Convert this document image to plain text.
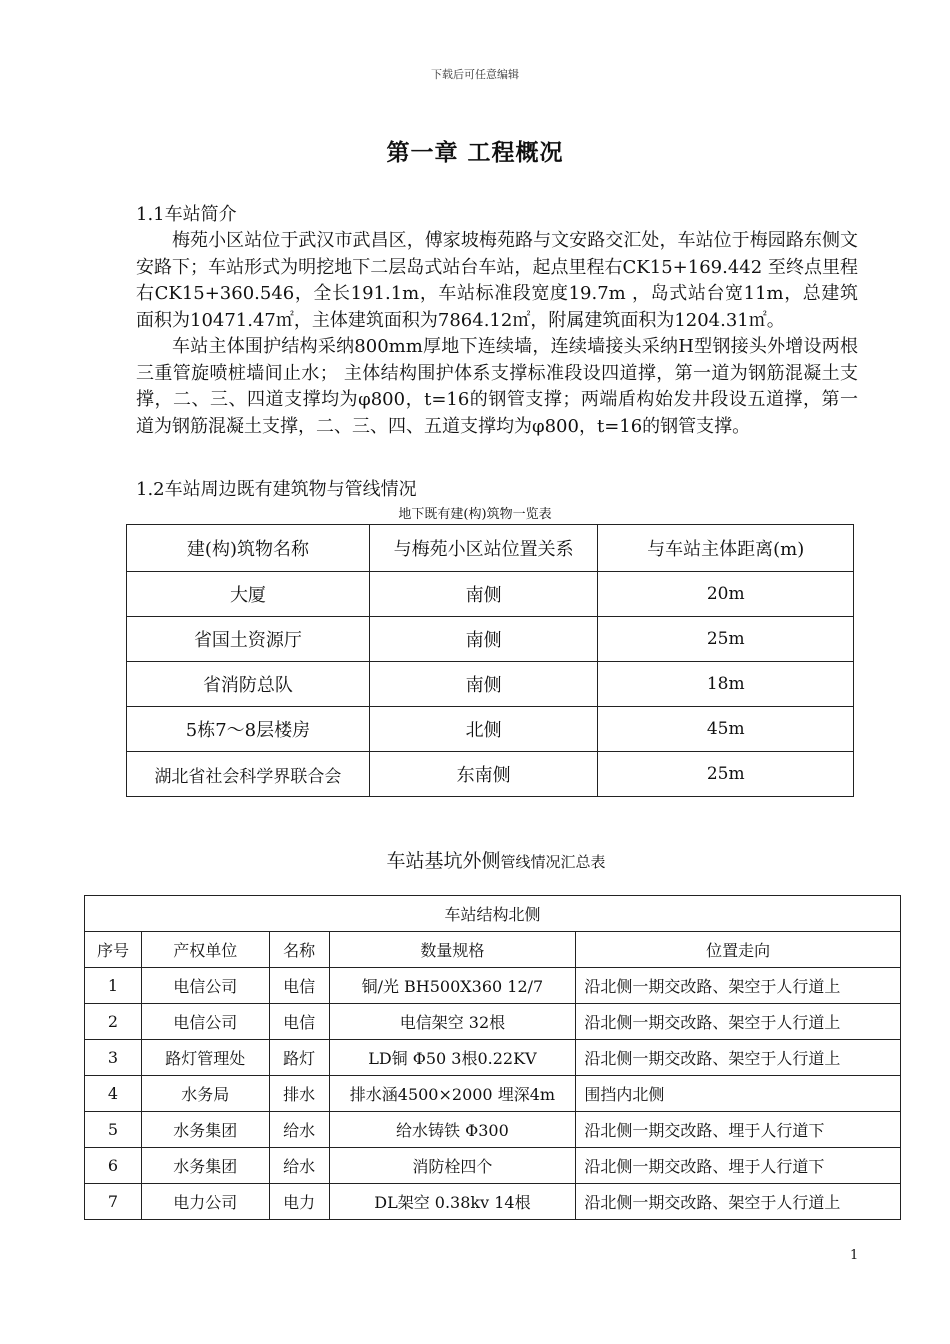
下载后可任意编辑
第一章 工程概况
1.1车站简介

梅苑小区站位于武汉市武昌区，傅家坡梅苑路与文安路交汇处，车站位于梅园路东侧文安路下；车站形式为明挖地下二层岛式站台车站，起点里程右CK15+169.442 至终点里程右CK15+360.546，全长191.1m，车站标准段宽度19.7m ，岛式站台宽11m，总建筑面积为10471.47㎡，主体建筑面积为7864.12㎡，附属建筑面积为1204.31㎡。

车站主体围护结构采纳800mm厚地下连续墙，连续墙接头采纳H型钢接头外增设两根三重管旋喷桩墙间止水； 主体结构围护体系支撑标准段设四道撑，第一道为钢筋混凝土支撑，二、三、四道支撑均为φ800，t=16的钢管支撑；两端盾构始发井段设五道撑，第一道为钢筋混凝土支撑，二、三、四、五道支撑均为φ800，t=16的钢管支撑。

1.2车站周边既有建筑物与管线情况
地下既有建(构)筑物一览表
建(构)筑物名称	与梅苑小区站位置关系	与车站主体距离(m)
大厦	南侧	20m
省国土资源厅	南侧	25m
省消防总队	南侧	18m
5栋7～8层楼房	北侧	45m
湖北省社会科学界联合会	东南侧	25m
车站基坑外侧管线情况汇总表
车站结构北侧				
序号	产权单位	名称	数量规格	位置走向
1	电信公司	电信	铜/光 BH500X360 12/7	沿北侧一期交改路、架空于人行道上
2	电信公司	电信	电信架空 32根	沿北侧一期交改路、架空于人行道上
3	路灯管理处	路灯	LD铜 Φ50 3根0.22KV	沿北侧一期交改路、架空于人行道上
4	水务局	排水	排水涵4500×2000 埋深4m	围挡内北侧
5	水务集团	给水	给水铸铁 Φ300	沿北侧一期交改路、埋于人行道下
6	水务集团	给水	消防栓四个	沿北侧一期交改路、埋于人行道下
7	电力公司	电力	DL架空 0.38kv 14根	沿北侧一期交改路、架空于人行道上
1
